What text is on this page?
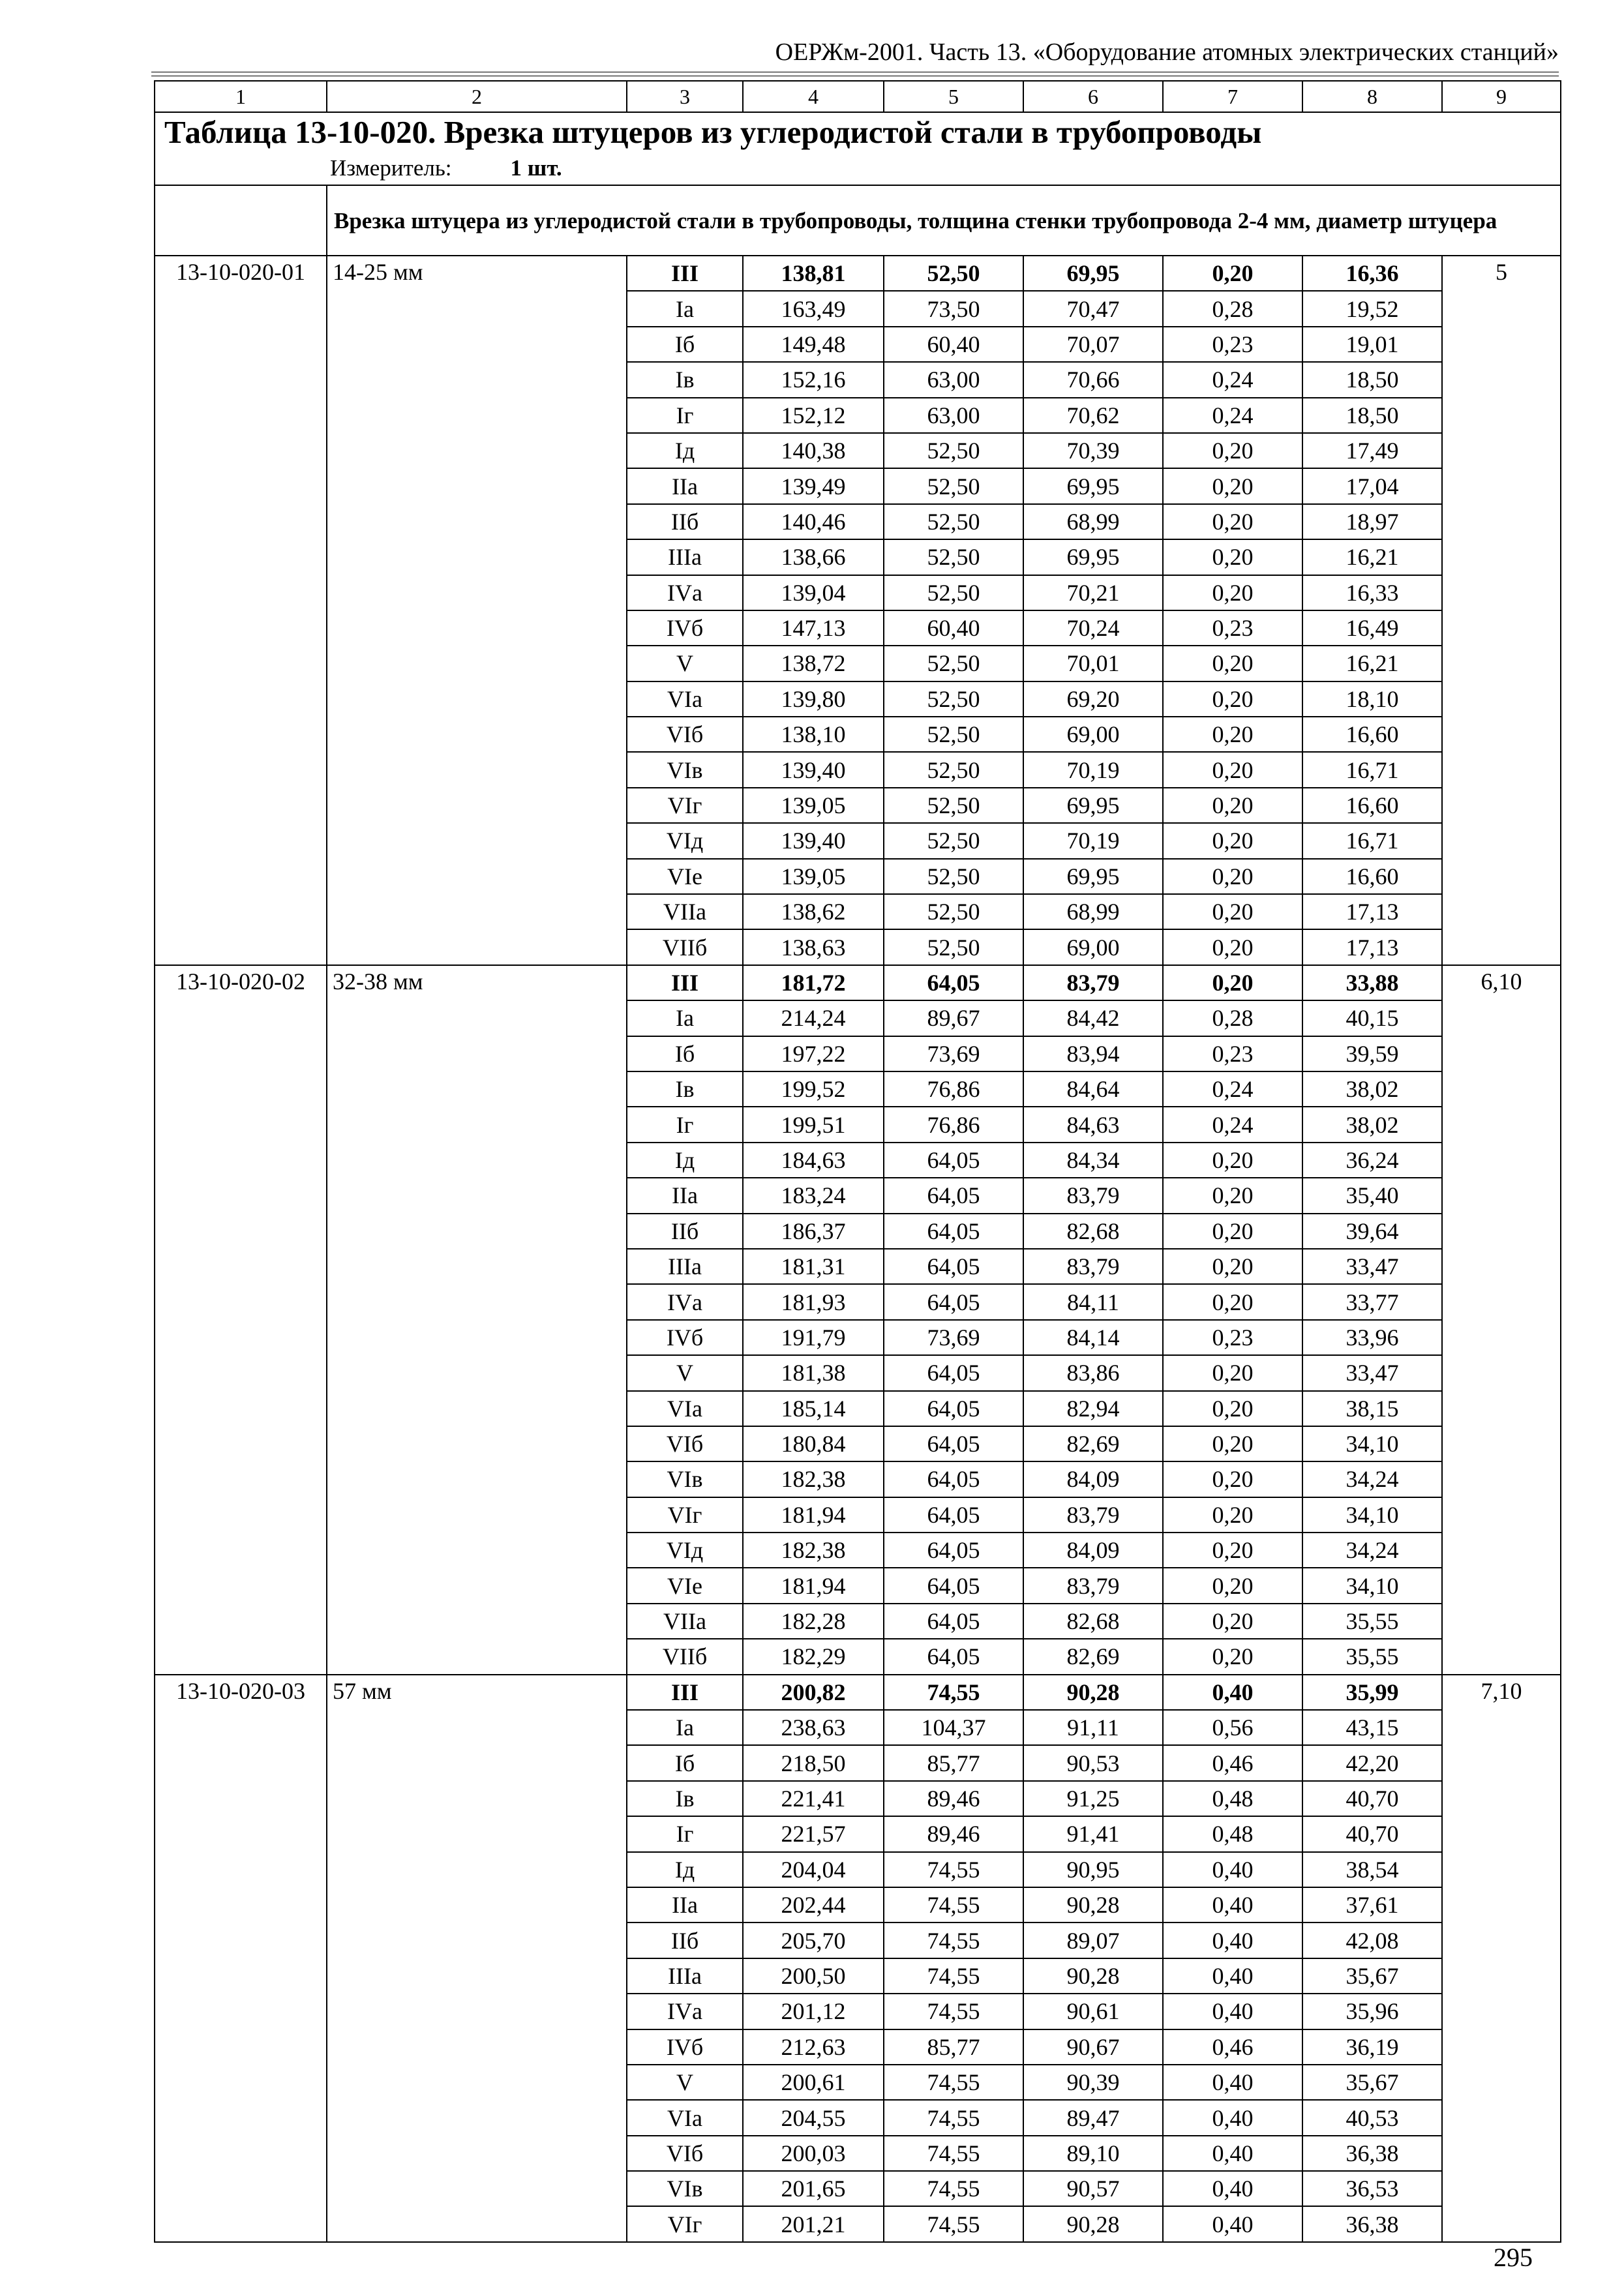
ОЕРЖм-2001. Часть 13. «Оборудование атомных электрических станций»
1	2	3	4	5	6	7	8	9
Таблица 13-10-020. Врезка штуцеров из углеродистой стали в трубопроводы								
Измеритель: 1 шт.								
	Врезка штуцера из углеродистой стали в трубопроводы, толщина стенки трубопровода 2-4 мм, диаметр штуцера							
13-10-020-01	14-25 мм	III	138,81	52,50	69,95	0,20	16,36	5
		Iа	163,49	73,50	70,47	0,28	19,52	
		Iб	149,48	60,40	70,07	0,23	19,01	
		Iв	152,16	63,00	70,66	0,24	18,50	
		Iг	152,12	63,00	70,62	0,24	18,50	
		Iд	140,38	52,50	70,39	0,20	17,49	
		IIа	139,49	52,50	69,95	0,20	17,04	
		IIб	140,46	52,50	68,99	0,20	18,97	
		IIIа	138,66	52,50	69,95	0,20	16,21	
		IVа	139,04	52,50	70,21	0,20	16,33	
		IVб	147,13	60,40	70,24	0,23	16,49	
		V	138,72	52,50	70,01	0,20	16,21	
		VIа	139,80	52,50	69,20	0,20	18,10	
		VIб	138,10	52,50	69,00	0,20	16,60	
		VIв	139,40	52,50	70,19	0,20	16,71	
		VIг	139,05	52,50	69,95	0,20	16,60	
		VIд	139,40	52,50	70,19	0,20	16,71	
		VIе	139,05	52,50	69,95	0,20	16,60	
		VIIа	138,62	52,50	68,99	0,20	17,13	
		VIIб	138,63	52,50	69,00	0,20	17,13	
13-10-020-02	32-38 мм	III	181,72	64,05	83,79	0,20	33,88	6,10
		Iа	214,24	89,67	84,42	0,28	40,15	
		Iб	197,22	73,69	83,94	0,23	39,59	
		Iв	199,52	76,86	84,64	0,24	38,02	
		Iг	199,51	76,86	84,63	0,24	38,02	
		Iд	184,63	64,05	84,34	0,20	36,24	
		IIа	183,24	64,05	83,79	0,20	35,40	
		IIб	186,37	64,05	82,68	0,20	39,64	
		IIIа	181,31	64,05	83,79	0,20	33,47	
		IVа	181,93	64,05	84,11	0,20	33,77	
		IVб	191,79	73,69	84,14	0,23	33,96	
		V	181,38	64,05	83,86	0,20	33,47	
		VIа	185,14	64,05	82,94	0,20	38,15	
		VIб	180,84	64,05	82,69	0,20	34,10	
		VIв	182,38	64,05	84,09	0,20	34,24	
		VIг	181,94	64,05	83,79	0,20	34,10	
		VIд	182,38	64,05	84,09	0,20	34,24	
		VIе	181,94	64,05	83,79	0,20	34,10	
		VIIа	182,28	64,05	82,68	0,20	35,55	
		VIIб	182,29	64,05	82,69	0,20	35,55	
13-10-020-03	57 мм	III	200,82	74,55	90,28	0,40	35,99	7,10
		Iа	238,63	104,37	91,11	0,56	43,15	
		Iб	218,50	85,77	90,53	0,46	42,20	
		Iв	221,41	89,46	91,25	0,48	40,70	
		Iг	221,57	89,46	91,41	0,48	40,70	
		Iд	204,04	74,55	90,95	0,40	38,54	
		IIа	202,44	74,55	90,28	0,40	37,61	
		IIб	205,70	74,55	89,07	0,40	42,08	
		IIIа	200,50	74,55	90,28	0,40	35,67	
		IVа	201,12	74,55	90,61	0,40	35,96	
		IVб	212,63	85,77	90,67	0,46	36,19	
		V	200,61	74,55	90,39	0,40	35,67	
		VIа	204,55	74,55	89,47	0,40	40,53	
		VIб	200,03	74,55	89,10	0,40	36,38	
		VIв	201,65	74,55	90,57	0,40	36,53	
		VIг	201,21	74,55	90,28	0,40	36,38	
295
